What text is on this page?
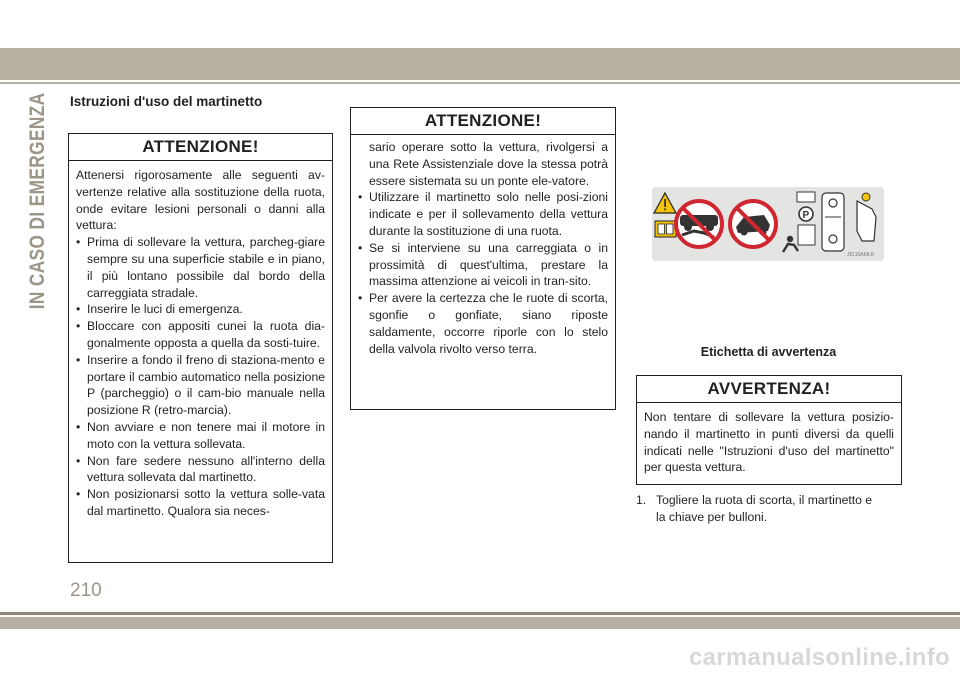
IN CASO DI EMERGENZA Istruzioni d'uso del martinetto
ATTENZIONE!

Attenersi rigorosamente alle seguenti av-vertenze relative alla sostituzione della ruota, onde evitare lesioni personali o danni alla vettura:

• Prima di sollevare la vettura, parcheg-giare sempre su una superficie stabile e in piano, il più lontano possibile dal bordo della carreggiata stradale.
• Inserire le luci di emergenza.
• Bloccare con appositi cunei la ruota dia-gonalmente opposta a quella da sosti-tuire.
• Inserire a fondo il freno di staziona-mento e portare il cambio automatico nella posizione P (parcheggio) o il cam-bio manuale nella posizione R (retro-marcia).
• Non avviare e non tenere mai il motore in moto con la vettura sollevata.
• Non fare sedere nessuno all'interno della vettura sollevata dal martinetto.
• Non posizionarsi sotto la vettura solle-vata dal martinetto. Qualora sia neces-
ATTENZIONE!
sario operare sotto la vettura, rivolgersi a una Rete Assistenziale dove la stessa potrà essere sistemata su un ponte ele-vatore.
• Utilizzare il martinetto solo nelle posi-zioni indicate e per il sollevamento della vettura durante la sostituzione di una ruota.
• Se si interviene su una carreggiata o in prossimità di quest'ultima, prestare la massima attenzione ai veicoli in tran-sito.
• Per avere la certezza che le ruote di scorta, sgonfie o gonfiate, siano riposte saldamente, occorre riporle con lo stelo della valvola rivolto verso terra.
P
J6110AMLR
Etichetta di avvertenza
AVVERTENZA!

Non tentare di sollevare la vettura posizio-nando il martinetto in punti diversi da quelli indicati nelle "Istruzioni d'uso del martinetto" per questa vettura.

1. Togliere la ruota di scorta, il martinetto e
la chiave per bulloni.
210
carmanualsonline.info
